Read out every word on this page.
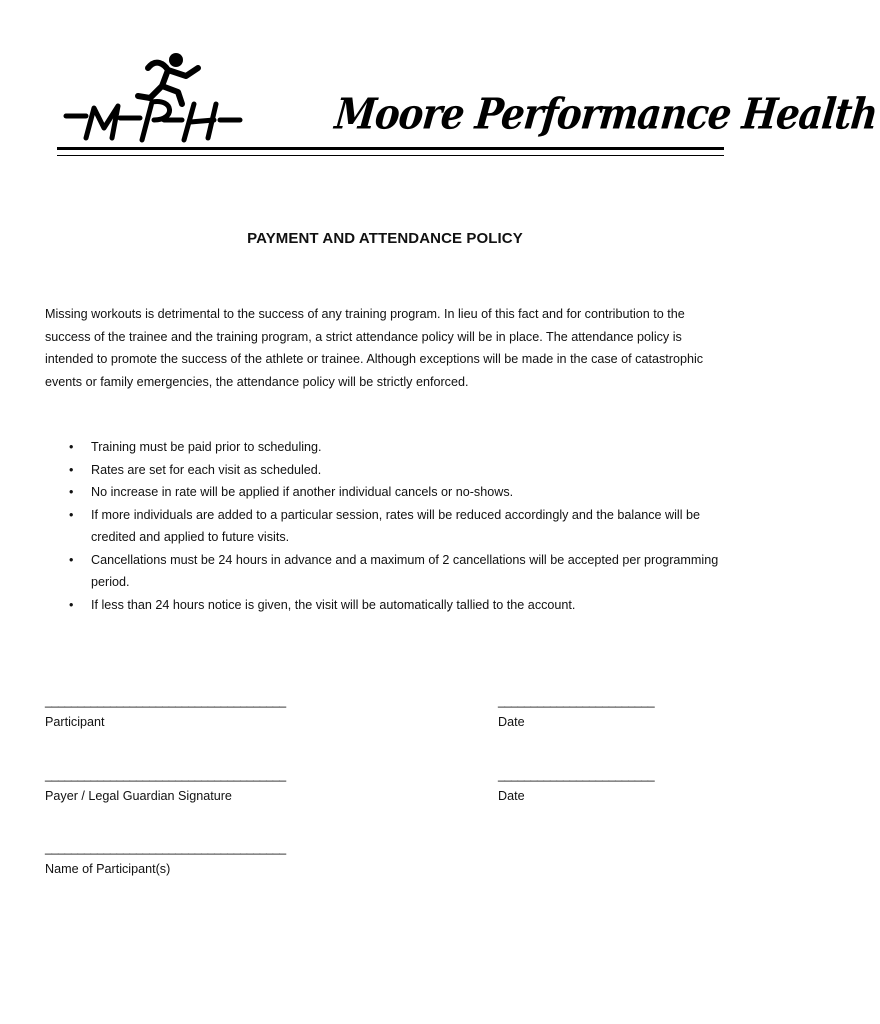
Moore Performance Health
PAYMENT AND ATTENDANCE POLICY

Missing workouts is detrimental to the success of any training program. In lieu of this fact and for contribution to the success of the trainee and the training program, a strict attendance policy will be in place. The attendance policy is intended to promote the success of the athlete or trainee. Although exceptions will be made in the case of catastrophic events or family emergencies, the attendance policy will be strictly enforced.

• Training must be paid prior to scheduling.
• Rates are set for each visit as scheduled.
• No increase in rate will be applied if another individual cancels or no-shows.
• If more individuals are added to a particular session, rates will be reduced accordingly and the balance will be credited and applied to future visits.
• Cancellations must be 24 hours in advance and a maximum of 2 cancellations will be accepted per programming period.
• If less than 24 hours notice is given, the visit will be automatically tallied to the account.
_____________________________________
Participant
________________________
Date
_____________________________________
Payer / Legal Guardian Signature
________________________
Date
_____________________________________
Name of Participant(s)
